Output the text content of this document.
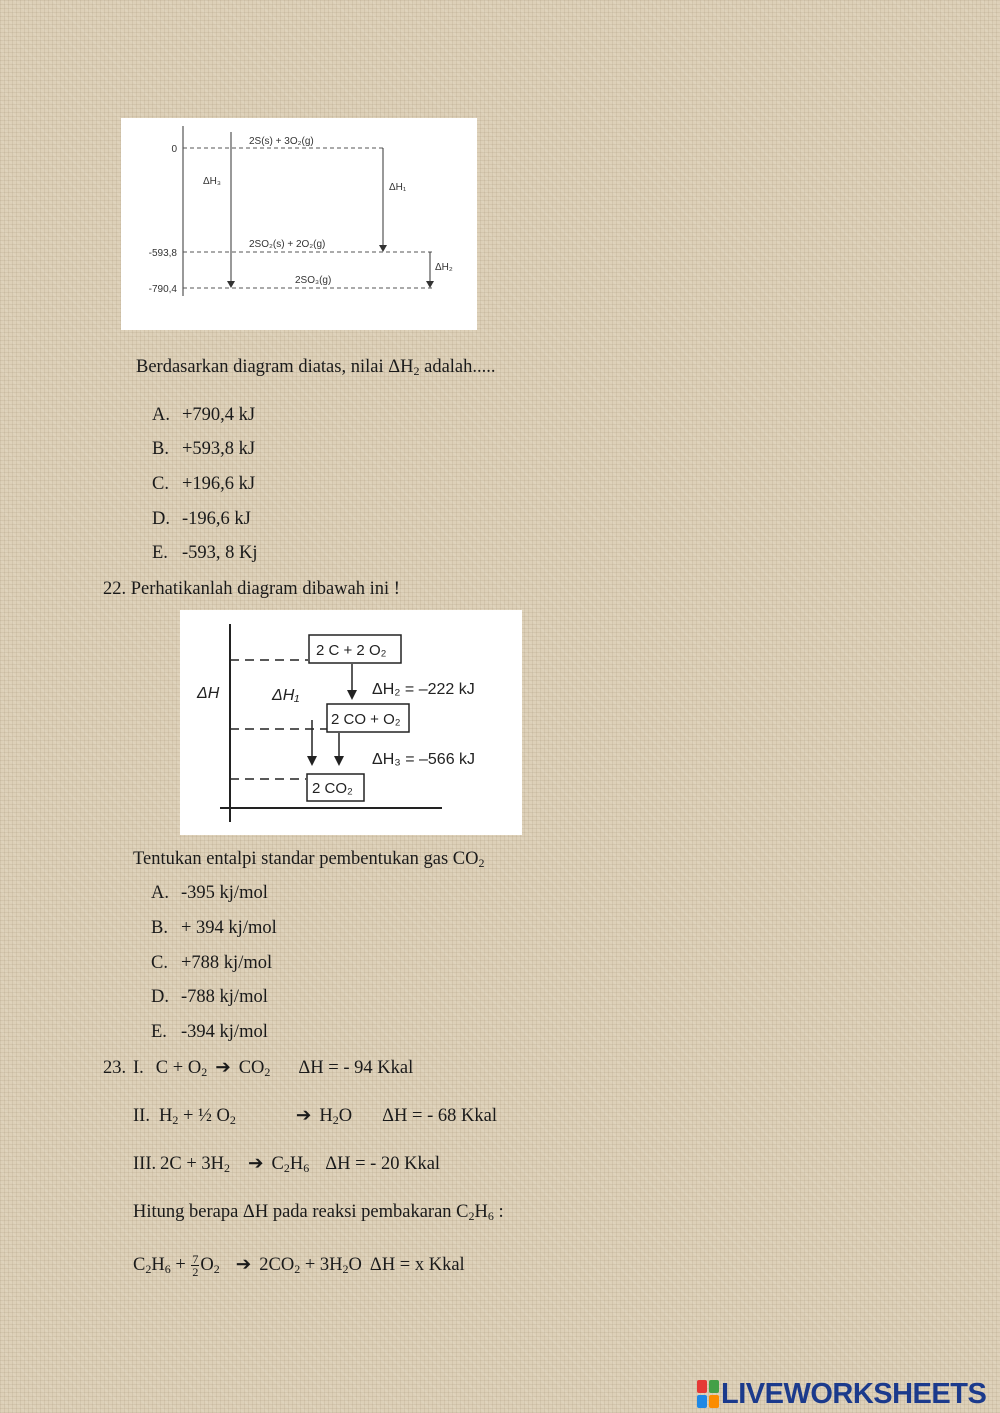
0
-593,8
-790,4
2S(s) + 3O₂(g)
2SO₂(s) + 2O₂(g)
2SO₃(g)
ΔH₃
ΔH₁
ΔH₂
Berdasarkan diagram diatas, nilai $\Delta H_2$ adalah.....
A. +790,4 kJ
B. +593,8 kJ
C. +196,6 kJ
D. -196,6 kJ
E. -593, 8 Kj
22. Perhatikanlah diagram dibawah ini !
ΔH
2 C + 2 O₂
2 CO + O₂
2 CO₂
ΔH₁	ΔH₂ = –222 kJ
ΔH₃ = –566 kJ
Tentukan entalpi standar pembentukan gas $CO_2$
A. -395 kj/mol
B. + 394 kj/mol
C. +788 kj/mol
D. -788 kj/mol
E. -394 kj/mol
23. I. $C + O_2$ ➔ $CO_2$ ΔH = - 94 Kkal
II. $H_2$ + ½ $O_2$	➔ $H_2O$ ΔH = - 68 Kkal
III. $2C + 3H_2$ ➔ $C_2H_6$ ΔH = - 20 Kkal
Hitung berapa ΔH pada reaksi pembakaran $C_2H_6$ :
$C_2H_6 + \frac{7}{2} O_2$ ➔ $2CO_2 + 3H_2O$ ΔH = x Kkal
LIVEWORKSHEETS
